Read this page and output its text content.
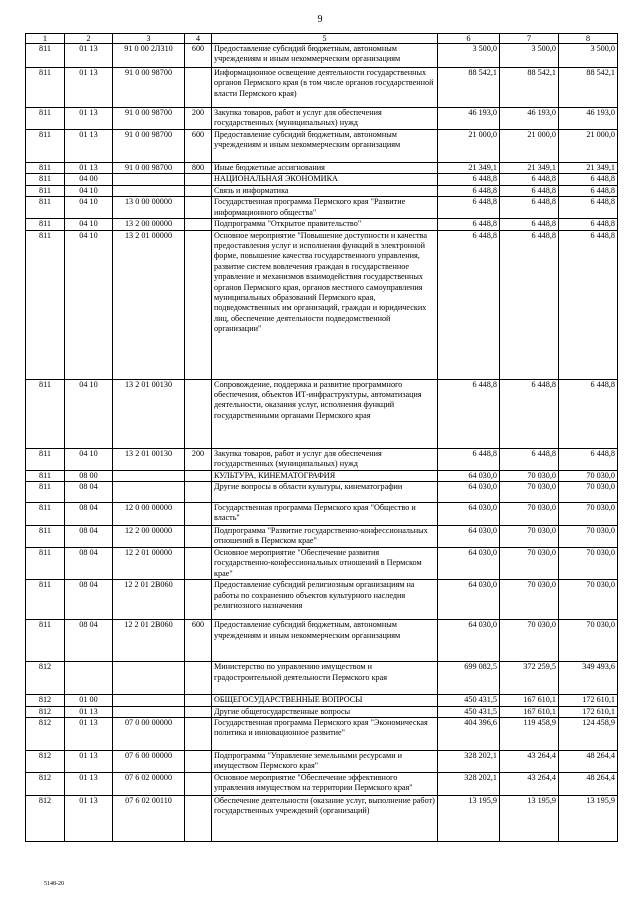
9
1	2	3	4	5	6	7	8
811	01 13	91 0 00 2Л310	600	Предоставление субсидий бюджетным, автономным учреждениям и иным некоммерческим организациям	3 500,0	3 500,0	3 500,0
811	01 13	91 0 00 98700		Информационное освещение деятельности государственных органов Пермского края (в том числе органов государственной власти Пермского края)	88 542,1	88 542,1	88 542,1
811	01 13	91 0 00 98700	200	Закупка товаров, работ и услуг для обеспечения государственных (муниципальных) нужд	46 193,0	46 193,0	46 193,0
811	01 13	91 0 00 98700	600	Предоставление субсидий бюджетным, автономным учреждениям и иным некоммерческим организациям	21 000,0	21 000,0	21 000,0
811	01 13	91 0 00 98700	800	Иные бюджетные ассигнования	21 349,1	21 349,1	21 349,1
811	04 00			НАЦИОНАЛЬНАЯ ЭКОНОМИКА	6 448,8	6 448,8	6 448,8
811	04 10			Связь и информатика	6 448,8	6 448,8	6 448,8
811	04 10	13 0 00 00000		Государственная программа Пермского края "Развитие информационного общества"	6 448,8	6 448,8	6 448,8
811	04 10	13 2 00 00000		Подпрограмма "Открытое правительство"	6 448,8	6 448,8	6 448,8
811	04 10	13 2 01 00000		Основное мероприятие "Повышение доступности и качества предоставления услуг и исполнения функций в электронной форме, повышение качества государственного управления, развитие систем вовлечения граждан в государственное управление и механизмов взаимодействия государственных органов Пермского края, органов местного самоуправления муниципальных образований Пермского края, подведомственных им организаций, граждан и юридических лиц, обеспечение деятельности подведомственной организации"	6 448,8	6 448,8	6 448,8
811	04 10	13 2 01 00130		Сопровождение, поддержка и развитие программного обеспечения, объектов ИТ-инфраструктуры, автоматизация деятельности, оказания услуг, исполнения функций государственными органами Пермского края	6 448,8	6 448,8	6 448,8
811	04 10	13 2 01 00130	200	Закупка товаров, работ и услуг для обеспечения государственных (муниципальных) нужд	6 448,8	6 448,8	6 448,8
811	08 00			КУЛЬТУРА, КИНЕМАТОГРАФИЯ	64 030,0	70 030,0	70 030,0
811	08 04			Другие вопросы в области культуры, кинематографии	64 030,0	70 030,0	70 030,0
811	08 04	12 0 00 00000		Государственная программа Пермского края "Общество и власть"	64 030,0	70 030,0	70 030,0
811	08 04	12 2 00 00000		Подпрограмма "Развитие государственно-конфессиональных отношений в Пермском крае"	64 030,0	70 030,0	70 030,0
811	08 04	12 2 01 00000		Основное мероприятие "Обеспечение развития государственно-конфессиональных отношений в Пермском крае"	64 030,0	70 030,0	70 030,0
811	08 04	12 2 01 2В060		Предоставление субсидий религиозным организациям на работы по сохранению объектов культурного наследия религиозного назначения	64 030,0	70 030,0	70 030,0
811	08 04	12 2 01 2В060	600	Предоставление субсидий бюджетным, автономным учреждениям и иным некоммерческим организациям	64 030,0	70 030,0	70 030,0
812				Министерство по управлению имуществом и градостроительной деятельности Пермского края	699 082,5	372 259,5	349 493,6
812	01 00			ОБЩЕГОСУДАРСТВЕННЫЕ ВОПРОСЫ	450 431,5	167 610,1	172 610,1
812	01 13			Другие общегосударственные вопросы	450 431,5	167 610,1	172 610,1
812	01 13	07 0 00 00000		Государственная программа Пермского края "Экономическая политика и инновационное развитие"	404 396,6	119 458,9	124 458,9
812	01 13	07 6 00 00000		Подпрограмма "Управление земельными ресурсами и имуществом Пермского края"	328 202,1	43 264,4	48 264,4
812	01 13	07 6 02 00000		Основное мероприятие "Обеспечение эффективного управления имуществом на территории Пермского края"	328 202,1	43 264,4	48 264,4
812	01 13	07 6 02 00110		Обеспечение деятельности (оказание услуг, выполнение работ) государственных учреждений (организаций)	13 195,9	13 195,9	13 195,9
5148-20
